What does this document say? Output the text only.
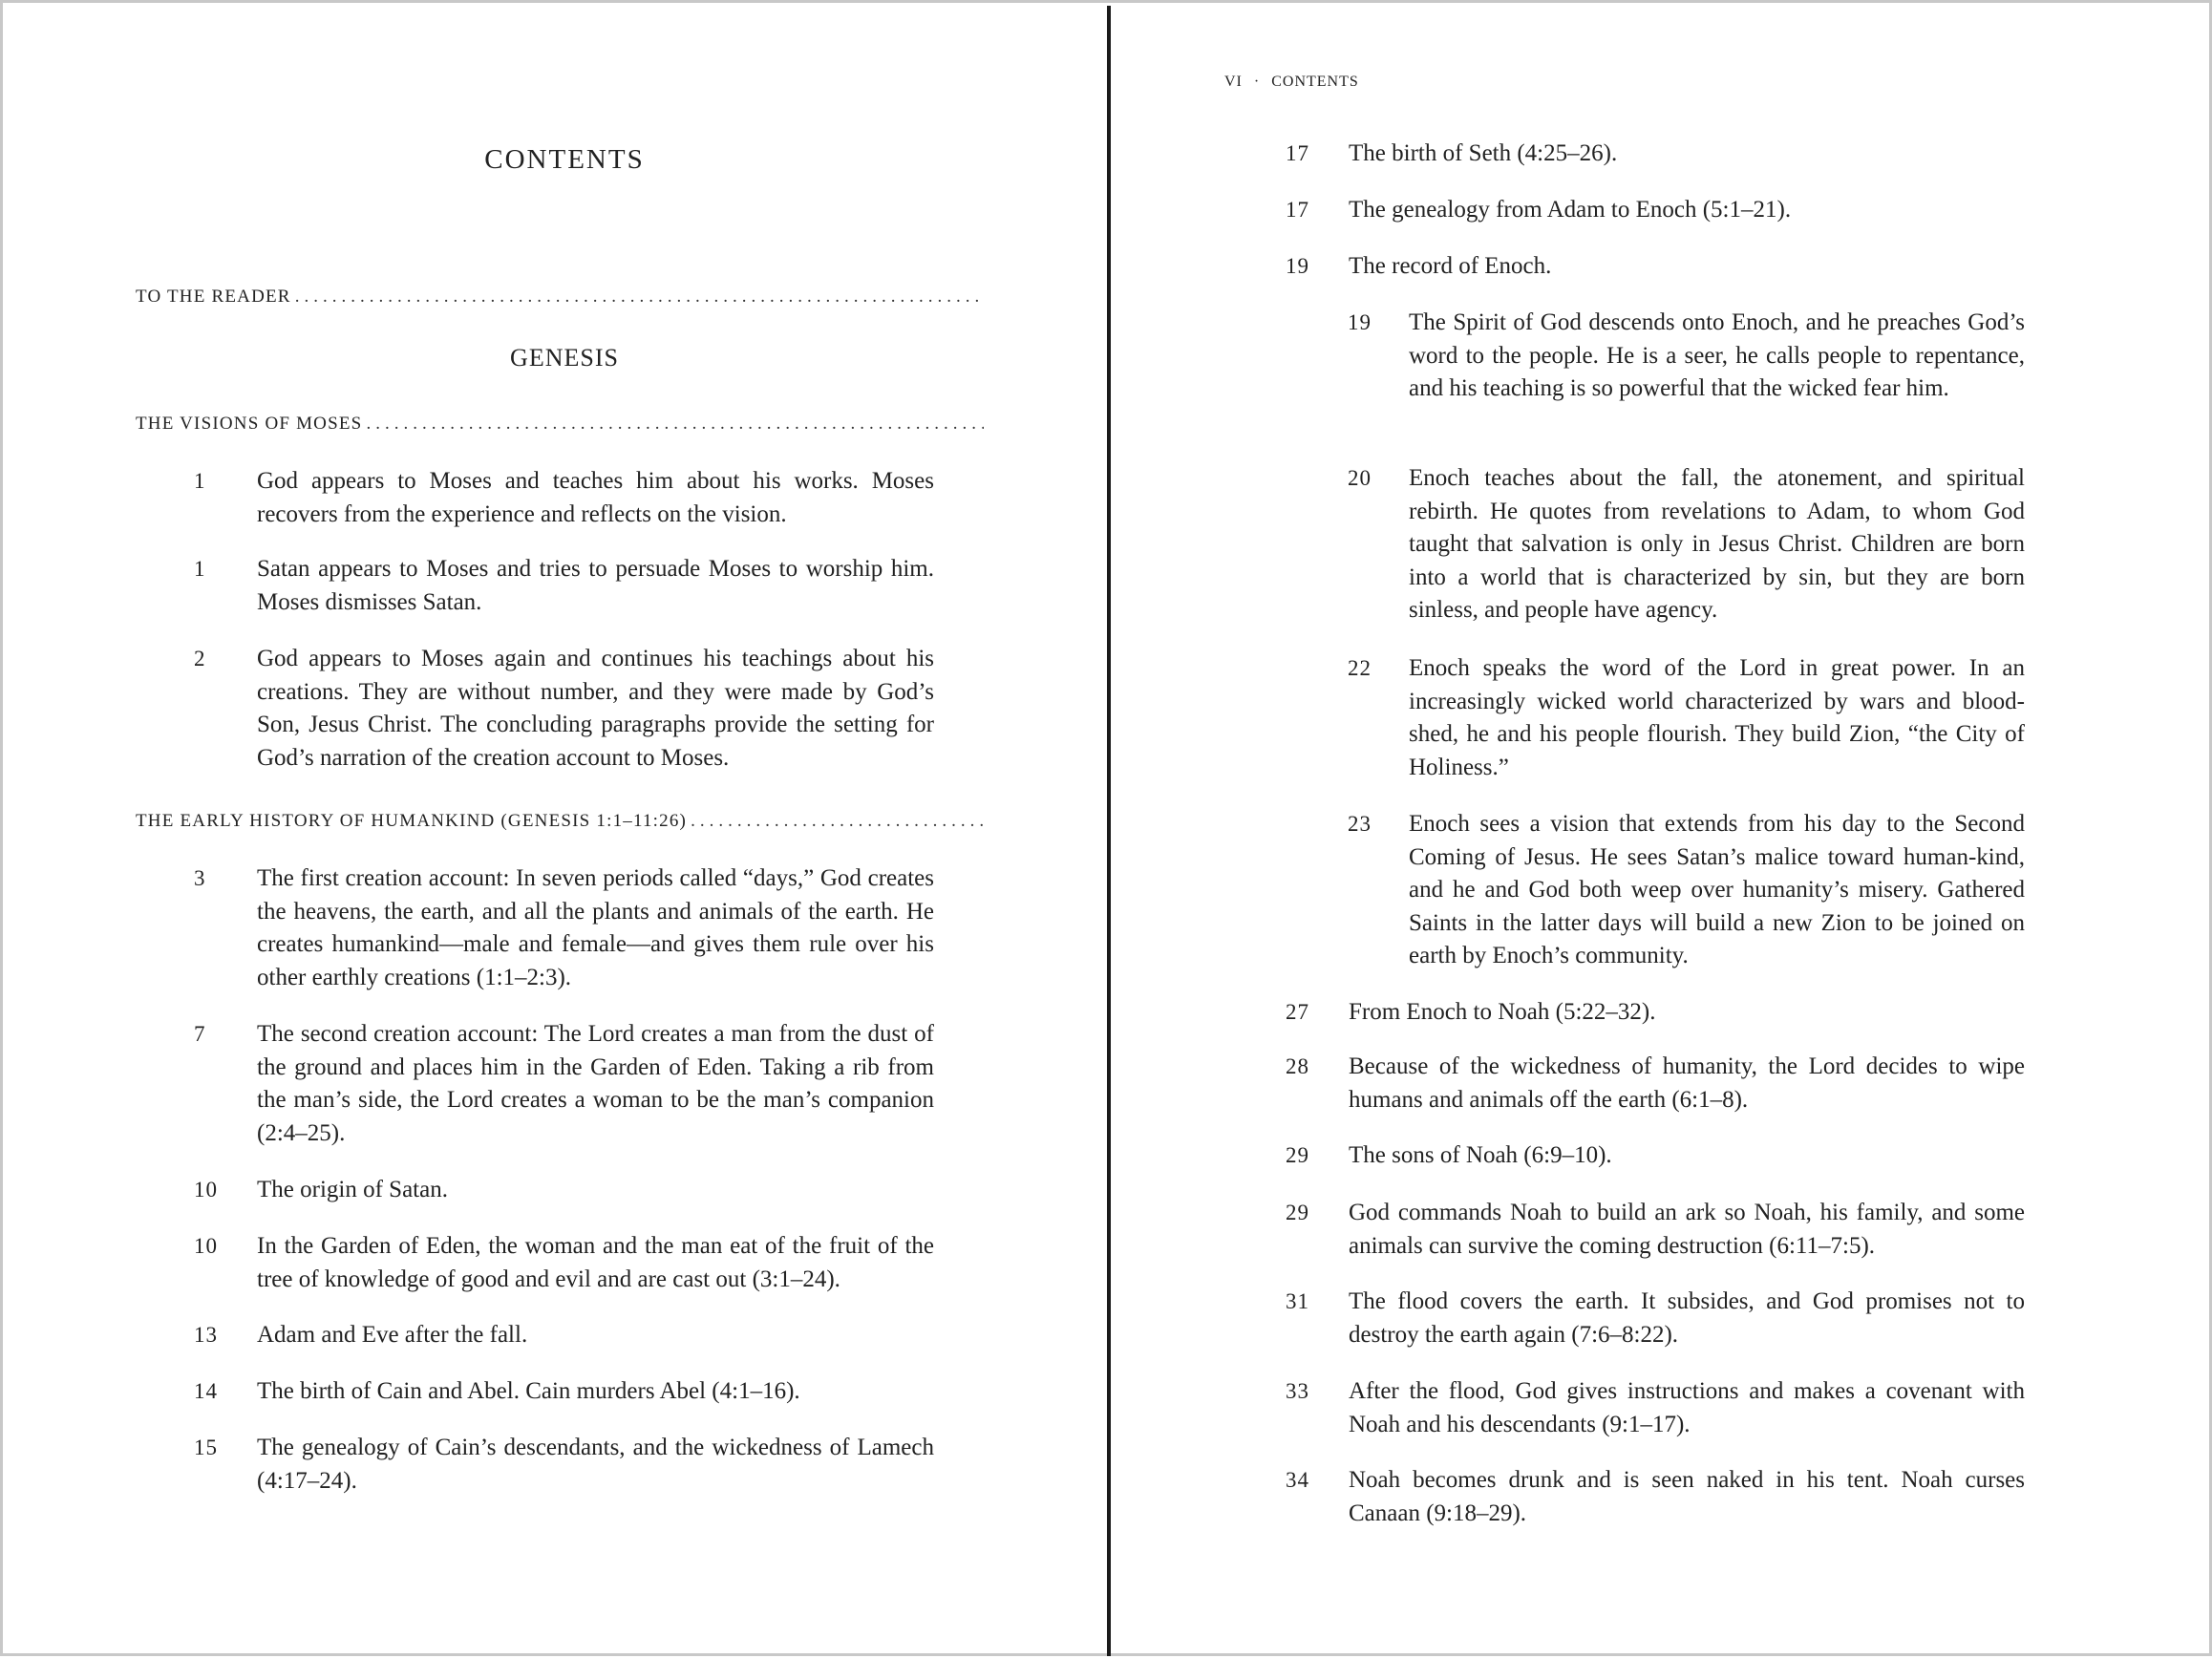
CONTENTS
TO THE READER
.....
GENESIS
THE VISIONS OF MOSES
.....
1	God appears to Moses and teaches him about his works. Moses recovers from the experience and reflects on the vision.
1	Satan appears to Moses and tries to persuade Moses to worship him. Moses dismisses Satan.
2	God appears to Moses again and continues his teachings about his creations. They are without number, and they were made by God’s Son, Jesus Christ. The concluding paragraphs provide the setting for God’s narration of the creation account to Moses.
THE EARLY HISTORY OF HUMANKIND (GENESIS 1:1–11:26)
.....
3	The first creation account: In seven periods called “days,” God creates the heavens, the earth, and all the plants and animals of the earth. He creates humankind—male and female—and gives them rule over his other earthly creations (1:1–2:3).
7	The second creation account: The Lord creates a man from the dust of the ground and places him in the Garden of Eden. Taking a rib from the man’s side, the Lord creates a woman to be the man’s companion (2:4–25).
10	The origin of Satan.
10	In the Garden of Eden, the woman and the man eat of the fruit of the tree of knowledge of good and evil and are cast out (3:1–24).
13	Adam and Eve after the fall.
14	The birth of Cain and Abel. Cain murders Abel (4:1–16).
15	The genealogy of Cain’s descendants, and the wickedness of Lamech (4:17–24).
VI · CONTENTS
17	The birth of Seth (4:25–26).
17	The genealogy from Adam to Enoch (5:1–21).
19	The record of Enoch.
19	The Spirit of God descends onto Enoch, and he preaches God’s word to the people. He is a seer, he calls people to repentance, and his teaching is so powerful that the wicked fear him.
20	Enoch teaches about the fall, the atonement, and spiritual rebirth. He quotes from revelations to Adam, to whom God taught that salvation is only in Jesus Christ. Children are born into a world that is characterized by sin, but they are born sinless, and people have agency.
22	Enoch speaks the word of the Lord in great power. In an increasingly wicked world characterized by wars and blood-shed, he and his people flourish. They build Zion, “the City of Holiness.”
23	Enoch sees a vision that extends from his day to the Second Coming of Jesus. He sees Satan’s malice toward human-kind, and he and God both weep over humanity’s misery. Gathered Saints in the latter days will build a new Zion to be joined on earth by Enoch’s community.
27	From Enoch to Noah (5:22–32).
28	Because of the wickedness of humanity, the Lord decides to wipe humans and animals off the earth (6:1–8).
29	The sons of Noah (6:9–10).
29	God commands Noah to build an ark so Noah, his family, and some animals can survive the coming destruction (6:11–7:5).
31	The flood covers the earth. It subsides, and God promises not to destroy the earth again (7:6–8:22).
33	After the flood, God gives instructions and makes a covenant with Noah and his descendants (9:1–17).
34	Noah becomes drunk and is seen naked in his tent. Noah curses Canaan (9:18–29).
